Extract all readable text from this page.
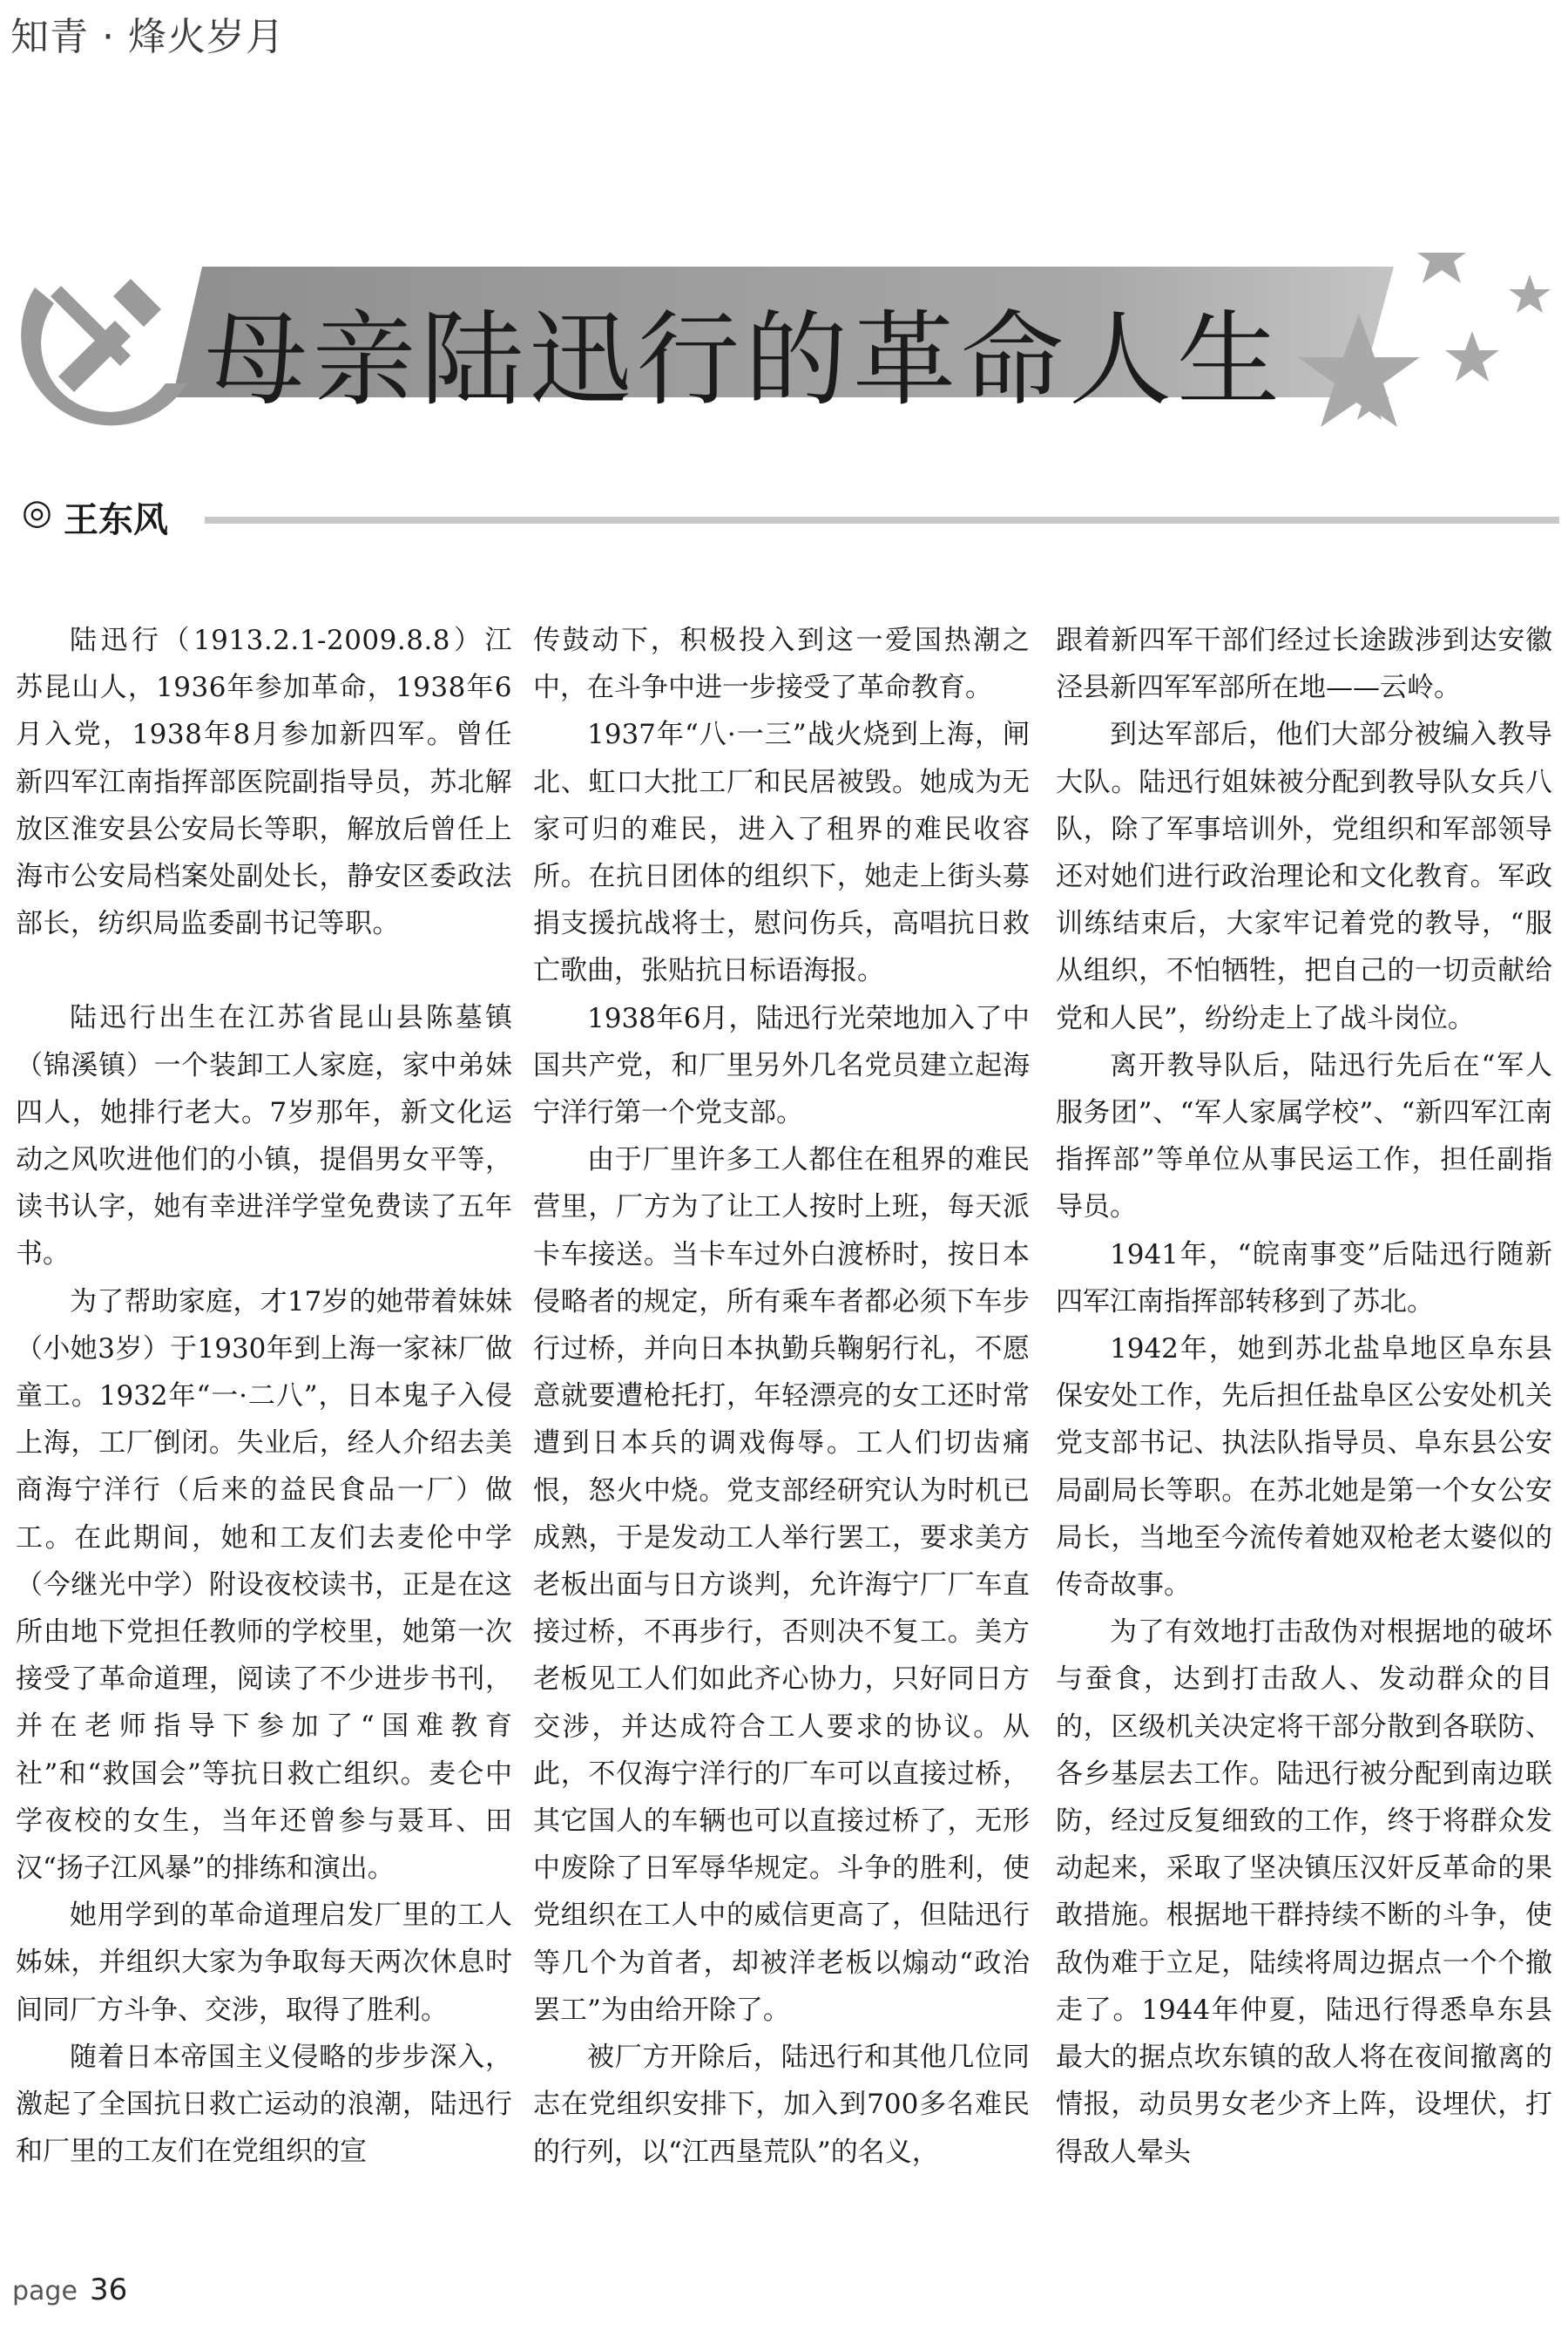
知青 · 烽火岁月
母亲陆迅行的革命人生
◎ 王东风

陆迅行（1913.2.1-2009.8.8）江苏昆山人，1936年参加革命，1938年6月入党，1938年8月参加新四军。曾任新四军江南指挥部医院副指导员，苏北解放区淮安县公安局长等职，解放后曾任上海市公安局档案处副处长，静安区委政法部长，纺织局监委副书记等职。

陆迅行出生在江苏省昆山县陈墓镇（锦溪镇）一个装卸工人家庭，家中弟妹四人，她排行老大。7岁那年，新文化运动之风吹进他们的小镇，提倡男女平等，读书认字，她有幸进洋学堂免费读了五年书。

为了帮助家庭，才17岁的她带着妹妹（小她3岁）于1930年到上海一家袜厂做童工。1932年“一·二八”，日本鬼子入侵上海，工厂倒闭。失业后，经人介绍去美商海宁洋行（后来的益民食品一厂）做工。在此期间，她和工友们去麦伦中学（今继光中学）附设夜校读书，正是在这所由地下党担任教师的学校里，她第一次接受了革命道理，阅读了不少进步书刊，并在老师指导下参加了“国难教育社”和“救国会”等抗日救亡组织。麦仑中学夜校的女生，当年还曾参与聂耳、田汉“扬子江风暴”的排练和演出。

她用学到的革命道理启发厂里的工人姊妹，并组织大家为争取每天两次休息时间同厂方斗争、交涉，取得了胜利。

随着日本帝国主义侵略的步步深入，激起了全国抗日救亡运动的浪潮，陆迅行和厂里的工友们在党组织的宣

传鼓动下，积极投入到这一爱国热潮之中，在斗争中进一步接受了革命教育。

1937年“八·一三”战火烧到上海，闸北、虹口大批工厂和民居被毁。她成为无家可归的难民，进入了租界的难民收容所。在抗日团体的组织下，她走上街头募捐支援抗战将士，慰问伤兵，高唱抗日救亡歌曲，张贴抗日标语海报。

1938年6月，陆迅行光荣地加入了中国共产党，和厂里另外几名党员建立起海宁洋行第一个党支部。

由于厂里许多工人都住在租界的难民营里，厂方为了让工人按时上班，每天派卡车接送。当卡车过外白渡桥时，按日本侵略者的规定，所有乘车者都必须下车步行过桥，并向日本执勤兵鞠躬行礼，不愿意就要遭枪托打，年轻漂亮的女工还时常遭到日本兵的调戏侮辱。工人们切齿痛恨，怒火中烧。党支部经研究认为时机已成熟，于是发动工人举行罢工，要求美方老板出面与日方谈判，允许海宁厂厂车直接过桥，不再步行，否则决不复工。美方老板见工人们如此齐心协力，只好同日方交涉，并达成符合工人要求的协议。从此，不仅海宁洋行的厂车可以直接过桥，其它国人的车辆也可以直接过桥了，无形中废除了日军辱华规定。斗争的胜利，使党组织在工人中的威信更高了，但陆迅行等几个为首者，却被洋老板以煽动“政治罢工”为由给开除了。

被厂方开除后，陆迅行和其他几位同志在党组织安排下，加入到700多名难民的行列，以“江西垦荒队”的名义，

跟着新四军干部们经过长途跋涉到达安徽泾县新四军军部所在地——云岭。

到达军部后，他们大部分被编入教导大队。陆迅行姐妹被分配到教导队女兵八队，除了军事培训外，党组织和军部领导还对她们进行政治理论和文化教育。军政训练结束后，大家牢记着党的教导，“服从组织，不怕牺牲，把自己的一切贡献给党和人民”，纷纷走上了战斗岗位。

离开教导队后，陆迅行先后在“军人服务团”、“军人家属学校”、“新四军江南指挥部”等单位从事民运工作，担任副指导员。

1941年，“皖南事变”后陆迅行随新四军江南指挥部转移到了苏北。

1942年，她到苏北盐阜地区阜东县保安处工作，先后担任盐阜区公安处机关党支部书记、执法队指导员、阜东县公安局副局长等职。在苏北她是第一个女公安局长，当地至今流传着她双枪老太婆似的传奇故事。

为了有效地打击敌伪对根据地的破坏与蚕食，达到打击敌人、发动群众的目的，区级机关决定将干部分散到各联防、各乡基层去工作。陆迅行被分配到南边联防，经过反复细致的工作，终于将群众发动起来，采取了坚决镇压汉奸反革命的果敢措施。根据地干群持续不断的斗争，使敌伪难于立足，陆续将周边据点一个个撤走了。1944年仲夏，陆迅行得悉阜东县最大的据点坎东镇的敌人将在夜间撤离的情报，动员男女老少齐上阵，设埋伏，打得敌人晕头

page 36
